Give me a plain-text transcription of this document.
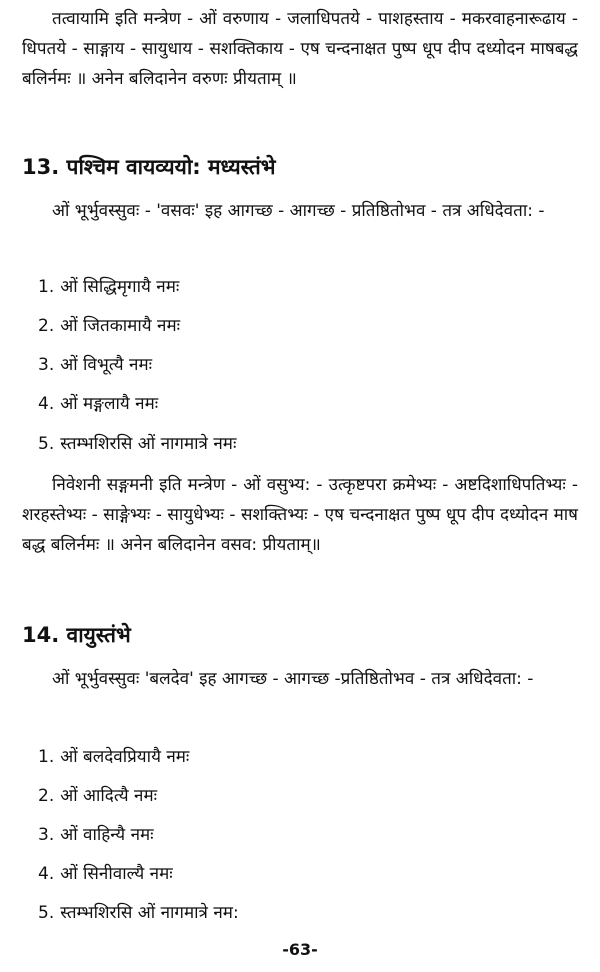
तत्वायामि इति मन्त्रेण - ओं वरुणाय - जलाधिपतये - पाशहस्ताय - मकरवाहनारूढाय - धिपतये - साङ्गाय - सायुधाय - सशक्तिकाय - एष चन्दनाक्षत पुष्प धूप दीप दध्योदन माषबद्ध बलिर्नमः ॥ अनेन बलिदानेन वरुणः प्रीयताम् ॥

13. पश्चिम वायव्ययो: मध्यस्तंभे

ओं भूर्भुवस्सुवः - 'वसवः' इह आगच्छ - आगच्छ - प्रतिष्ठितोभव - तत्र अधिदेवता: -

1. ओं सिद्धिमृगायै नमः
2. ओं जितकामायै नमः
3. ओं विभूत्यै नमः
4. ओं मङ्गलायै नमः
5. स्तम्भशिरसि ओं नागमात्रे नमः

निवेशनी सङ्गमनी इति मन्त्रेण - ओं वसुभ्य: - उत्कृष्टपरा क्रमेभ्यः - अष्टदिशाधिपतिभ्यः - शरहस्तेभ्यः - साङ्गेभ्यः - सायुधेभ्यः - सशक्तिभ्यः - एष चन्दनाक्षत पुष्प धूप दीप दध्योदन माष बद्ध बलिर्नमः ॥ अनेन बलिदानेन वसव: प्रीयताम्॥

14. वायुस्तंभे

ओं भूर्भुवस्सुवः 'बलदेव' इह आगच्छ - आगच्छ -प्रतिष्ठितोभव - तत्र अधिदेवता: -

1. ओं बलदेवप्रियायै नमः
2. ओं आदित्यै नमः
3. ओं वाहिन्यै नमः
4. ओं सिनीवाल्यै नमः
5. स्तम्भशिरसि ओं नागमात्रे नम:
-63-
